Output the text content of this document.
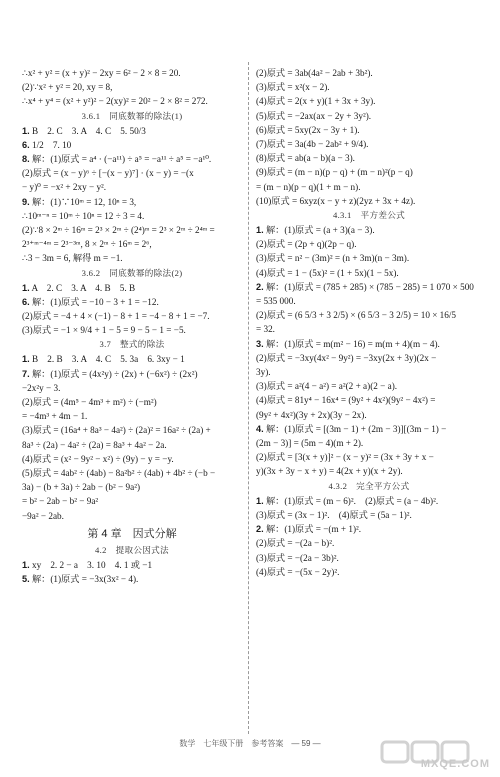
∴x² + y² = (x + y)² − 2xy = 6² − 2 × 8 = 20.
(2)∵x² + y² = 20, xy = 8,
∴x⁴ + y⁴ = (x² + y²)² − 2(xy)² = 20² − 2 × 8² = 272.
3.6.1　同底数幂的除法(1)
1. B　2. C　3. A　4. C　5. 50/3
6. 1/2　7. 10
8. 解：(1)原式 = a⁴ · (−a¹¹) ÷ a⁵ = −a¹¹ ÷ a⁵ = −a¹⁰.
(2)原式 = (x − y)⁶ ÷ [−(x − y)⁷] · (x − y) = −(x
− y)⁰ = −x² + 2xy − y².
9. 解：(1)∵10ᵐ = 12, 10ⁿ = 3,
∴10ᵐ⁻ⁿ = 10ᵐ ÷ 10ⁿ = 12 ÷ 3 = 4.
(2)∵8 × 2ᵐ ÷ 16ᵐ = 2³ × 2ᵐ ÷ (2⁴)ᵐ = 2³ × 2ᵐ ÷ 2⁴ᵐ =
2³⁺ᵐ⁻⁴ᵐ = 2³⁻³ᵐ, 8 × 2ᵐ ÷ 16ᵐ = 2⁶,
∴3 − 3m = 6, 解得 m = −1.
3.6.2　同底数幂的除法(2)
1. A　2. C　3. A　4. B　5. B
6. 解：(1)原式 = −10 − 3 + 1 = −12.
(2)原式 = −4 + 4 × (−1) − 8 + 1 = −4 − 8 + 1 = −7.
(3)原式 = −1 × 9/4 + 1 − 5 = 9 − 5 − 1 = −5.
3.7　整式的除法
1. B　2. B　3. A　4. C　5. 3a　6. 3xy − 1
7. 解：(1)原式 = (4x²y) ÷ (2x) + (−6x²) ÷ (2x²)
−2x²y − 3.
(2)原式 = (4m⁵ − 4m³ + m²) ÷ (−m²)
= −4m³ + 4m − 1.
(3)原式 = (16a⁴ + 8a³ − 4a²) ÷ (2a)² = 16a² ÷ (2a) +
8a³ ÷ (2a) − 4a² ÷ (2a) = 8a³ + 4a² − 2a.
(4)原式 = (x² − 9y² − x²) ÷ (9y) − y = −y.
(5)原式 = 4ab² ÷ (4ab) − 8a²b² ÷ (4ab) + 4b² ÷ (−b −
3a) − (b + 3a) ÷ 2ab − (b² − 9a²)
= b² − 2ab − b² − 9a²
−9a² − 2ab.
第 4 章　因式分解
4.2　提取公因式法
1. xy　2. 2 − a　3. 10　4. 1 或 −1
5. 解：(1)原式 = −3x(3x² − 4).
(2)原式 = 3ab(4a² − 2ab + 3b²).
(3)原式 = x²(x − 2).
(4)原式 = 2(x + y)(1 + 3x + 3y).
(5)原式 = −2ax(ax − 2y + 3y²).
(6)原式 = 5xy(2x − 3y + 1).
(7)原式 = 3a(4b − 2ab² + 9/4).
(8)原式 = ab(a − b)(a − 3).
(9)原式 = (m − n)(p − q) + (m − n)²(p − q)
= (m − n)(p − q)(1 + m − n).
(10)原式 = 6xyz(x − y + z)(2yz + 3x + 4z).
4.3.1　平方差公式
1. 解：(1)原式 = (a + 3)(a − 3).
(2)原式 = (2p + q)(2p − q).
(3)原式 = n² − (3m)² = (n + 3m)(n − 3m).
(4)原式 = 1 − (5x)² = (1 + 5x)(1 − 5x).
2. 解：(1)原式 = (785 + 285) × (785 − 285) = 1 070 × 500
= 535 000.
(2)原式 = (6 5/3 + 3 2/5) × (6 5/3 − 3 2/5) = 10 × 16/5
= 32.
3. 解：(1)原式 = m(m² − 16) = m(m + 4)(m − 4).
(2)原式 = −3xy(4x² − 9y²) = −3xy(2x + 3y)(2x −
3y).
(3)原式 = a²(4 − a²) = a²(2 + a)(2 − a).
(4)原式 = 81y⁴ − 16x⁴ = (9y² + 4x²)(9y² − 4x²) =
(9y² + 4x²)(3y + 2x)(3y − 2x).
4. 解：(1)原式 = [(3m − 1) + (2m − 3)][(3m − 1) −
(2m − 3)] = (5m − 4)(m + 2).
(2)原式 = [3(x + y)]² − (x − y)² = (3x + 3y + x −
y)(3x + 3y − x + y) = 4(2x + y)(x + 2y).
4.3.2　完全平方公式
1. 解：(1)原式 = (m − 6)².　(2)原式 = (a − 4b)².
(3)原式 = (3x − 1)².　(4)原式 = (5a − 1)².
2. 解：(1)原式 = −(m + 1)².
(2)原式 = −(2a − b)².
(3)原式 = −(2a − 3b)².
(4)原式 = −(5x − 2y)².
数学　七年级下册　参考答案　— 59 —
MXQE.COM
